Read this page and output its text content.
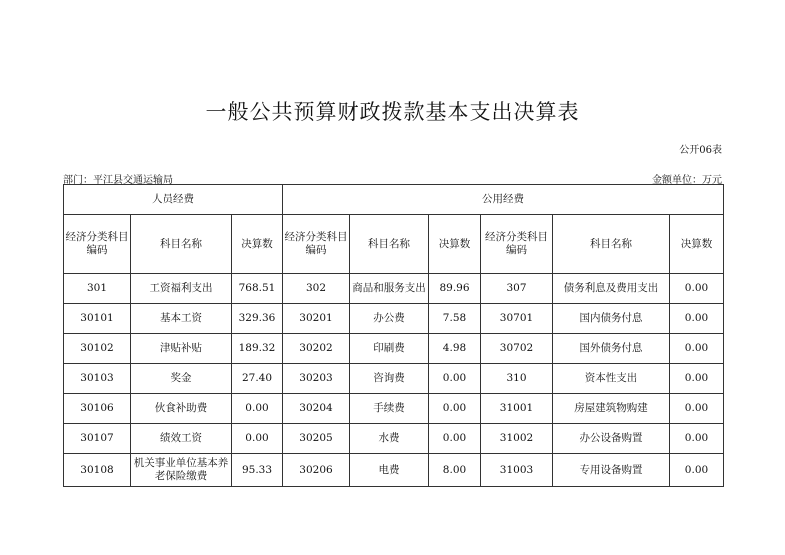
一般公共预算财政拨款基本支出决算表
公开06表
部门：平江县交通运输局	金额单位：万元
人员经费			公用经费					
经济分类科目编码	科目名称	决算数	经济分类科目编码	科目名称	决算数	经济分类科目编码	科目名称	决算数
301	工资福利支出	768.51	302	商品和服务支出	89.96	307	债务利息及费用支出	0.00
30101	基本工资	329.36	30201	办公费	7.58	30701	国内债务付息	0.00
30102	津贴补贴	189.32	30202	印刷费	4.98	30702	国外债务付息	0.00
30103	奖金	27.40	30203	咨询费	0.00	310	资本性支出	0.00
30106	伙食补助费	0.00	30204	手续费	0.00	31001	房屋建筑物购建	0.00
30107	绩效工资	0.00	30205	水费	0.00	31002	办公设备购置	0.00
30108	机关事业单位基本养老保险缴费	95.33	30206	电费	8.00	31003	专用设备购置	0.00
